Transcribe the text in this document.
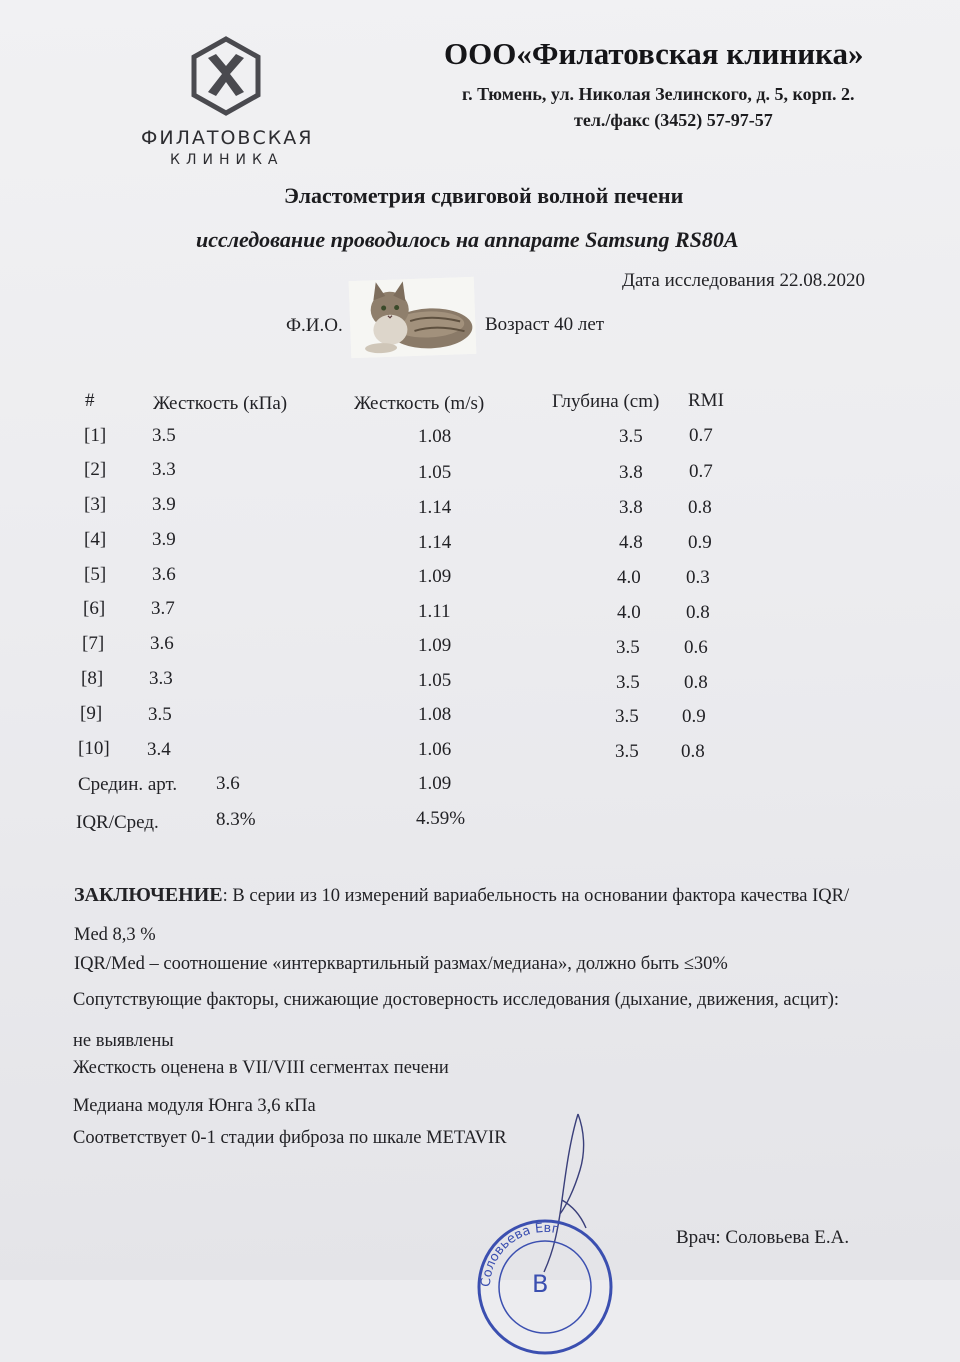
ФИЛАТОВСКАЯ
КЛИНИКА
ООО«Филатовская клиника»
г. Тюмень, ул. Николая Зелинского, д. 5, корп. 2.
тел./факс (3452) 57-97-57
Эластометрия сдвиговой волной печени
исследование проводилось на аппарате Samsung RS80A
Дата исследования 22.08.2020
Ф.И.О.	Возраст 40 лет
#	Жесткость (кПа)	Жесткость (m/s)	Глубина (cm) RMI
[1] 3.5	1.08	3.5 0.7
[2] 3.3	1.05	3.8 0.7
[3] 3.9	1.14	3.8 0.8
[4] 3.9	1.14	4.8 0.9
[5] 3.6	1.09	4.0 0.3
[6] 3.7	1.11	4.0 0.8
[7] 3.6	1.09	3.5 0.6
[8] 3.3	1.05	3.5 0.8
[9] 3.5	1.08	3.5 0.9
[10] 3.4	1.06	3.5 0.8
Средин. арт. 3.6	1.09
IQR/Сред.	8.3%	4.59%
ЗАКЛЮЧЕНИЕ: В серии из 10 измерений вариабельность на основании фактора качества IQR/
Med 8,3 %
IQR/Med – соотношение «интерквартильный размах/медиана», должно быть ≤30%
Сопутствующие факторы, снижающие достоверность исследования (дыхание, движения, асцит):
не выявлены
Жесткость оценена в VII/VIII сегментах печени
Медиана модуля Юнга 3,6 кПа
Соответствует 0-1 стадии фиброза по шкале METAVIR
Соловьева Евг
В
Врач: Соловьева Е.А.
